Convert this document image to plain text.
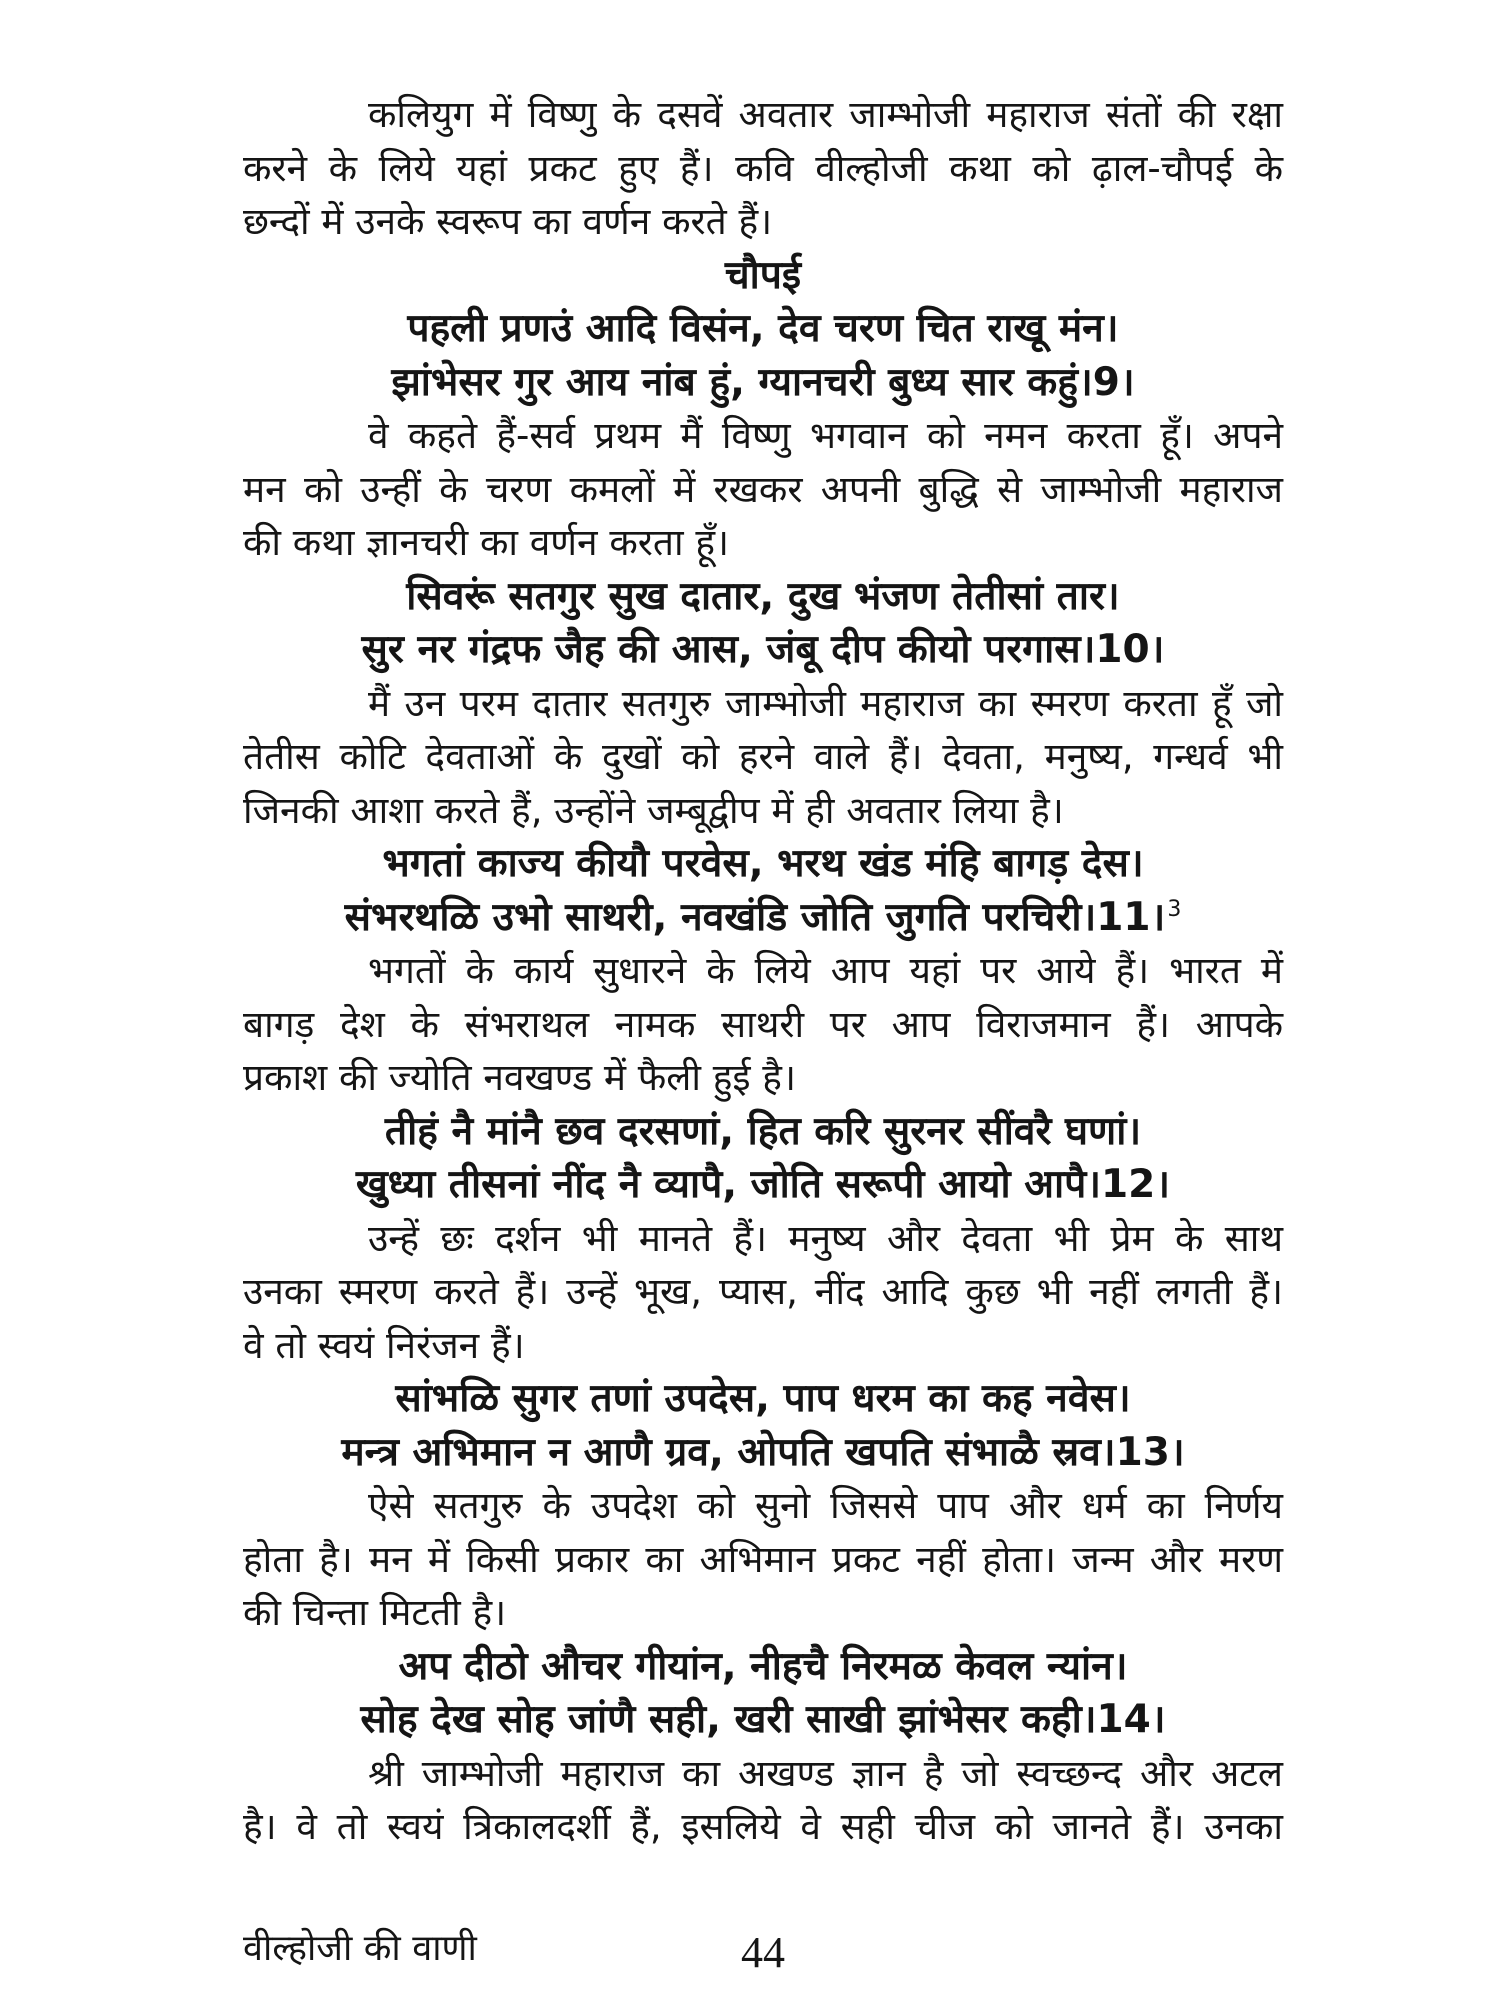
कलियुग में विष्णु के दसवें अवतार जाम्भोजी महाराज संतों की रक्षा
करने के लिये यहां प्रकट हुए हैं। कवि वील्होजी कथा को ढ़ाल-चौपई के
छन्दों में उनके स्वरूप का वर्णन करते हैं।
चौपई
पहली प्रणउं आदि विसंन, देव चरण चित राखू मंन।
झांभेसर गुर आय नांब हुं, ग्यानचरी बुध्य सार कहुं।9।
वे कहते हैं-सर्व प्रथम मैं विष्णु भगवान को नमन करता हूँ। अपने
मन को उन्हीं के चरण कमलों में रखकर अपनी बुद्धि से जाम्भोजी महाराज
की कथा ज्ञानचरी का वर्णन करता हूँ।
सिवरूं सतगुर सुख दातार, दुख भंजण तेतीसां तार।
सुर नर गंद्रफ जैह की आस, जंबू दीप कीयो परगास।10।
मैं उन परम दातार सतगुरु जाम्भोजी महाराज का स्मरण करता हूँ जो
तेतीस कोटि देवताओं के दुखों को हरने वाले हैं। देवता, मनुष्य, गन्धर्व भी
जिनकी आशा करते हैं, उन्होंने जम्बूद्वीप में ही अवतार लिया है।
भगतां काज्य कीयौ परवेस, भरथ खंड मंहि बागड़ देस।
संभरथळि उभो साथरी, नवखंडि जोति जुगति परचिरी।11।$^3$
भगतों के कार्य सुधारने के लिये आप यहां पर आये हैं। भारत में
बागड़ देश के संभराथल नामक साथरी पर आप विराजमान हैं। आपके
प्रकाश की ज्योति नवखण्ड में फैली हुई है।
तीहं नै मांनै छव दरसणां, हित करि सुरनर सींवरै घणां।
खुध्या तीसनां नींद नै व्यापै, जोति सरूपी आयो आपै।12।
उन्हें छः दर्शन भी मानते हैं। मनुष्य और देवता भी प्रेम के साथ
उनका स्मरण करते हैं। उन्हें भूख, प्यास, नींद आदि कुछ भी नहीं लगती हैं।
वे तो स्वयं निरंजन हैं।
सांभळि सुगर तणां उपदेस, पाप धरम का कह नवेस।
मन्त्र अभिमान न आणै ग्रव, ओपति खपति संभाळै स्रव।13।
ऐसे सतगुरु के उपदेश को सुनो जिससे पाप और धर्म का निर्णय
होता है। मन में किसी प्रकार का अभिमान प्रकट नहीं होता। जन्म और मरण
की चिन्ता मिटती है।
अप दीठो औचर गीयांन, नीहचै निरमळ केवल न्यांन।
सोह देख सोह जांणै सही, खरी साखी झांभेसर कही।14।
श्री जाम्भोजी महाराज का अखण्ड ज्ञान है जो स्वच्छन्द और अटल
है। वे तो स्वयं त्रिकालदर्शी हैं, इसलिये वे सही चीज को जानते हैं। उनका
वील्होजी की वाणी	44
